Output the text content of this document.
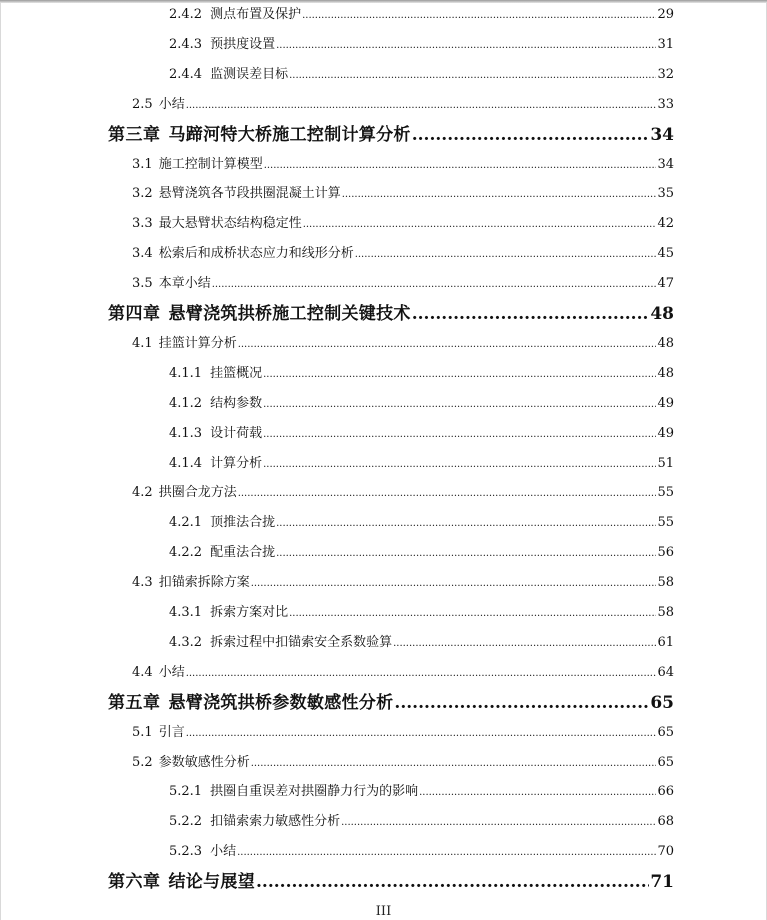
2.4.2 测点布置及保护 .....	29
2.4.3 预拱度设置 .....	31
2.4.4 监测误差目标 .....	32
2.5 小结 .....	33
第三章 马蹄河特大桥施工控制计算分析 .....	34
3.1 施工控制计算模型 .....	34
3.2 悬臂浇筑各节段拱圈混凝土计算 .....	35
3.3 最大悬臂状态结构稳定性 .....	42
3.4 松索后和成桥状态应力和线形分析 .....	45
3.5 本章小结 .....	47
第四章 悬臂浇筑拱桥施工控制关键技术 .....	48
4.1 挂篮计算分析 .....	48
4.1.1 挂篮概况 .....	48
4.1.2 结构参数 .....	49
4.1.3 设计荷载 .....	49
4.1.4 计算分析 .....	51
4.2 拱圈合龙方法 .....	55
4.2.1 顶推法合拢 .....	55
4.2.2 配重法合拢 .....	56
4.3 扣锚索拆除方案 .....	58
4.3.1 拆索方案对比 .....	58
4.3.2 拆索过程中扣锚索安全系数验算 .....	61
4.4 小结 .....	64
第五章 悬臂浇筑拱桥参数敏感性分析 .....	65
5.1 引言 .....	65
5.2 参数敏感性分析 .....	65
5.2.1 拱圈自重误差对拱圈静力行为的影响 .....	66
5.2.2 扣锚索索力敏感性分析 .....	68
5.2.3 小结 .....	70
第六章 结论与展望 .....	71
III
